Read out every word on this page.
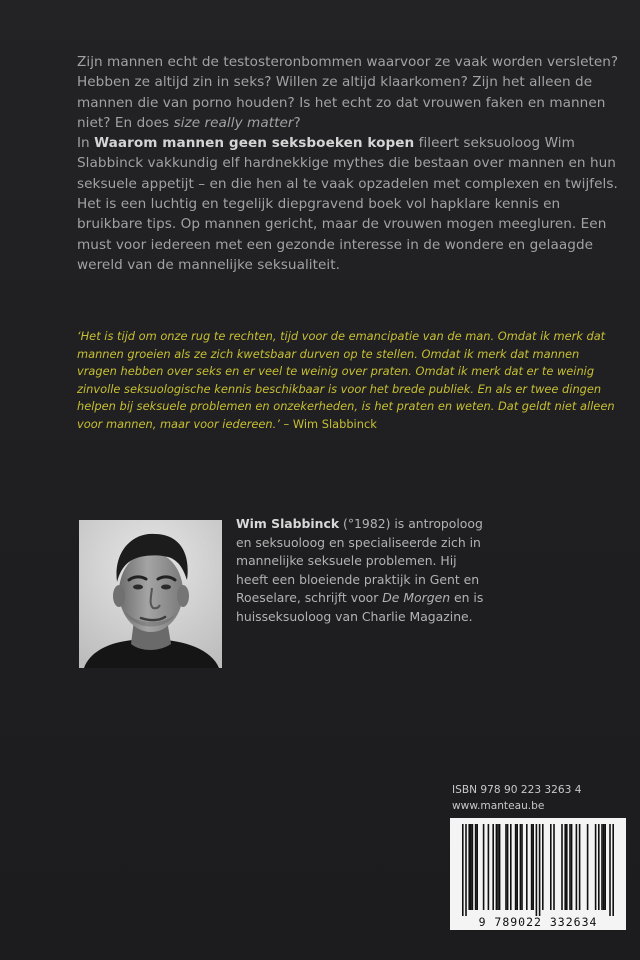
Zijn mannen echt de testosteronbommen waarvoor ze vaak worden versleten? Hebben ze altijd zin in seks? Willen ze altijd klaarkomen? Zijn het alleen de mannen die van porno houden? Is het echt zo dat vrouwen faken en mannen niet? En does size really matter?
In Waarom mannen geen seksboeken kopen fileert seksuoloog Wim Slabbinck vakkundig elf hardnekkige mythes die bestaan over mannen en hun seksuele appetijt – en die hen al te vaak opzadelen met complexen en twijfels. Het is een luchtig en tegelijk diepgravend boek vol hapklare kennis en bruikbare tips. Op mannen gericht, maar de vrouwen mogen meegluren. Een must voor iedereen met een gezonde interesse in de wondere en gelaagde wereld van de mannelijke seksualiteit.

‘Het is tijd om onze rug te rechten, tijd voor de emancipatie van de man. Omdat ik merk dat mannen groeien als ze zich kwetsbaar durven op te stellen. Omdat ik merk dat mannen vragen hebben over seks en er veel te weinig over praten. Omdat ik merk dat er te weinig zinvolle seksuologische kennis beschikbaar is voor het brede publiek. En als er twee dingen helpen bij seksuele problemen en onzekerheden, is het praten en weten. Dat geldt niet alleen voor mannen, maar voor iedereen.’ – Wim Slabbinck

Wim Slabbinck (°1982) is antropoloog en seksuoloog en specialiseerde zich in mannelijke seksuele problemen. Hij heeft een bloeiende praktijk in Gent en Roeselare, schrijft voor De Morgen en is huisseksuoloog van Charlie Magazine.

ISBN 978 90 223 3263 4
www.manteau.be
9 789022 332634
